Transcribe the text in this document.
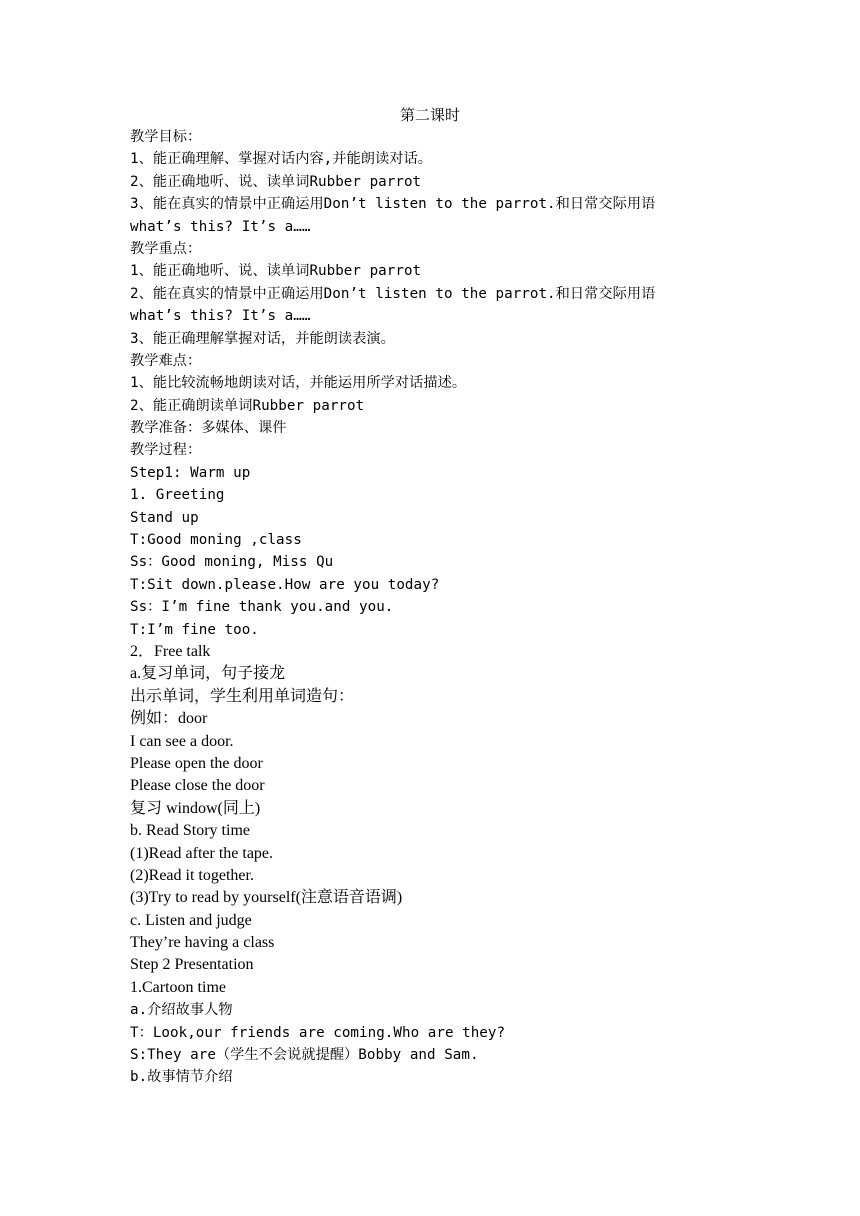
第二课时
教学目标：
1、能正确理解、掌握对话内容,并能朗读对话。
2、能正确地听、说、读单词Rubber parrot
3、能在真实的情景中正确运用Don’t listen to the parrot.和日常交际用语
what’s this? It’s a……
教学重点：
1、能正确地听、说、读单词Rubber parrot
2、能在真实的情景中正确运用Don’t listen to the parrot.和日常交际用语
what’s this? It’s a……
3、能正确理解掌握对话，并能朗读表演。
教学难点：
1、能比较流畅地朗读对话，并能运用所学对话描述。
2、能正确朗读单词Rubber parrot
教学准备：多媒体、课件
教学过程：
Step1: Warm up
1. Greeting
Stand up
T:Good moning ,class
Ss：Good moning, Miss Qu
T:Sit down.please.How are you today?
Ss：I’m fine thank you.and you.
T:I’m fine too.
2．Free talk
a.复习单词，句子接龙
出示单词，学生利用单词造句：
例如：door
I can see a door.
Please open the door
Please close the door
复习 window(同上)
b. Read Story time
(1)Read after the tape.
(2)Read it together.
(3)Try to read by yourself(注意语音语调)
c. Listen and judge
They’re having a class
Step 2 Presentation
1.Cartoon time
a.介绍故事人物
T：Look,our friends are coming.Who are they?
S:They are（学生不会说就提醒）Bobby and Sam.
b.故事情节介绍
